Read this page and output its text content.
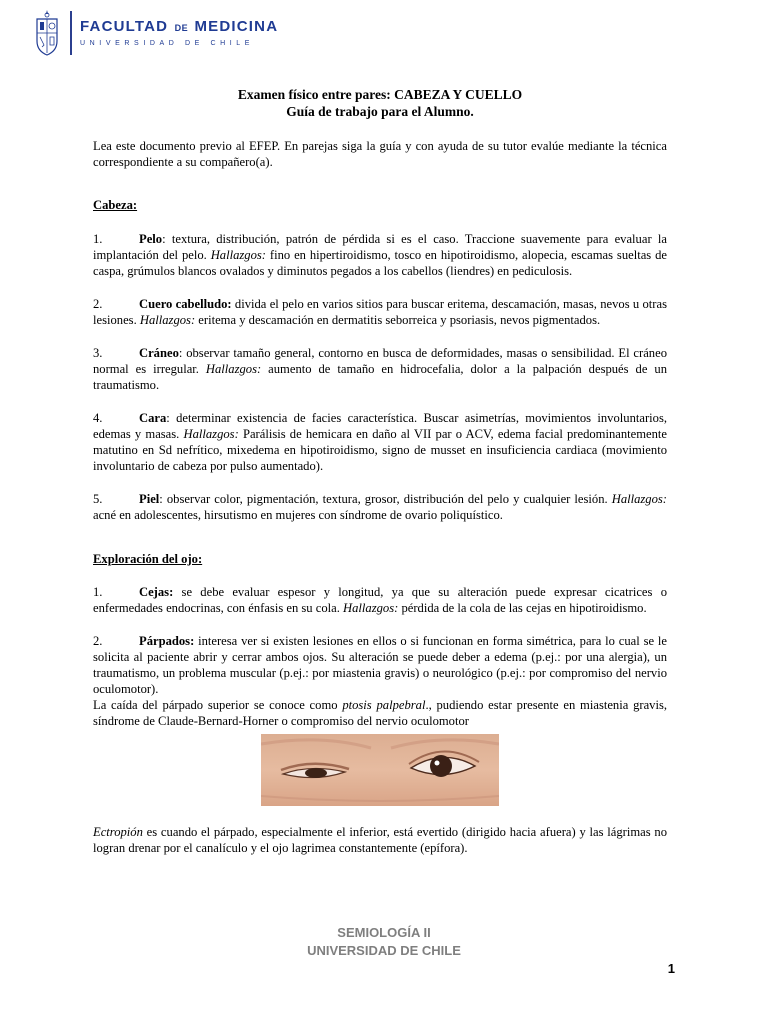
FACULTAD DE MEDICINA
UNIVERSIDAD DE CHILE
Examen físico entre pares: CABEZA Y CUELLO
Guía de trabajo para el Alumno.

Lea este documento previo al EFEP. En parejas siga la guía y con ayuda de su tutor evalúe mediante la técnica correspondiente a su compañero(a).

Cabeza:

1.	Pelo: textura, distribución, patrón de pérdida si es el caso. Traccione suavemente para evaluar la implantación del pelo. Hallazgos: fino en hipertiroidismo, tosco en hipotiroidismo, alopecia, escamas sueltas de caspa, grúmulos blancos ovalados y diminutos pegados a los cabellos (liendres) en pediculosis.

2.	Cuero cabelludo: divida el pelo en varios sitios para buscar eritema, descamación, masas, nevos u otras lesiones. Hallazgos: eritema y descamación en dermatitis seborreica y psoriasis, nevos pigmentados.

3.	Cráneo: observar tamaño general, contorno en busca de deformidades, masas o sensibilidad. El cráneo normal es irregular. Hallazgos: aumento de tamaño en hidrocefalia, dolor a la palpación después de un traumatismo.

4.	Cara: determinar existencia de facies característica. Buscar asimetrías, movimientos involuntarios, edemas y masas. Hallazgos: Parálisis de hemicara en daño al VII par o ACV, edema facial predominantemente matutino en Sd nefrítico, mixedema en hipotiroidismo, signo de musset en insuficiencia cardiaca (movimiento involuntario de cabeza por pulso aumentado).

5.	Piel: observar color, pigmentación, textura, grosor, distribución del pelo y cualquier lesión. Hallazgos: acné en adolescentes, hirsutismo en mujeres con síndrome de ovario poliquístico.

Exploración del ojo:

1.	Cejas: se debe evaluar espesor y longitud, ya que su alteración puede expresar cicatrices o enfermedades endocrinas, con énfasis en su cola. Hallazgos: pérdida de la cola de las cejas en hipotiroidismo.

2.	Párpados: interesa ver si existen lesiones en ellos o si funcionan en forma simétrica, para lo cual se le solicita al paciente abrir y cerrar ambos ojos. Su alteración se puede deber a edema (p.ej.: por una alergia), un traumatismo, un problema muscular (p.ej.: por miastenia gravis) o neurológico (p.ej.: por compromiso del nervio oculomotor).

La caída del párpado superior se conoce como ptosis palpebral., pudiendo estar presente en miastenia gravis, síndrome de Claude-Bernard-Horner o compromiso del nervio oculomotor

Ectropión es cuando el párpado, especialmente el inferior, está evertido (dirigido hacia afuera) y las lágrimas no logran drenar por el canalículo y el ojo lagrimea constantemente (epífora).

SEMIOLOGÍA II
UNIVERSIDAD DE CHILE
1
